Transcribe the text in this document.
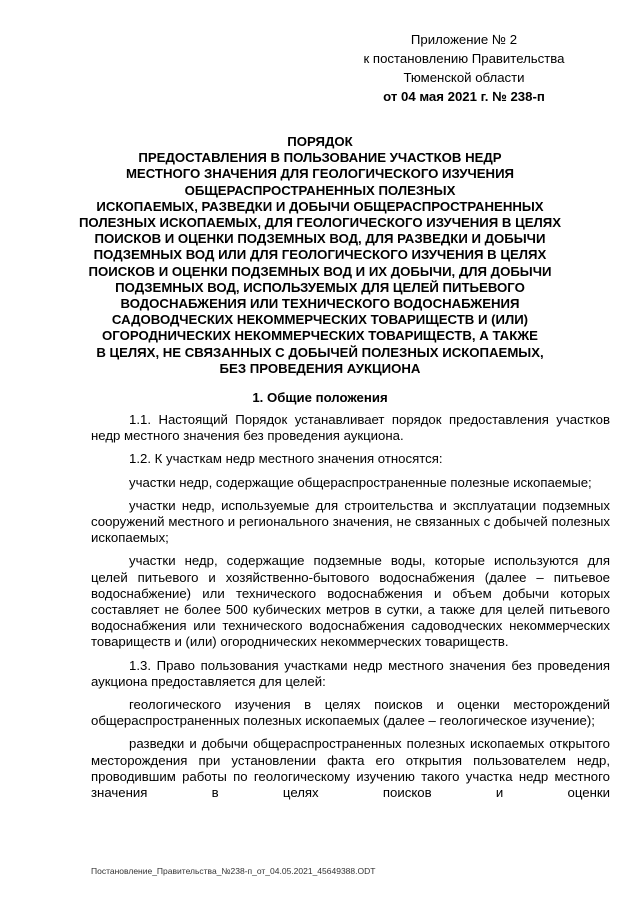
Приложение № 2
к постановлению Правительства
Тюменской области
от 04 мая 2021 г. № 238-п
ПОРЯДОК
ПРЕДОСТАВЛЕНИЯ В ПОЛЬЗОВАНИЕ УЧАСТКОВ НЕДР
МЕСТНОГО ЗНАЧЕНИЯ ДЛЯ ГЕОЛОГИЧЕСКОГО ИЗУЧЕНИЯ
ОБЩЕРАСПРОСТРАНЕННЫХ ПОЛЕЗНЫХ
ИСКОПАЕМЫХ, РАЗВЕДКИ И ДОБЫЧИ ОБЩЕРАСПРОСТРАНЕННЫХ
ПОЛЕЗНЫХ ИСКОПАЕМЫХ, ДЛЯ ГЕОЛОГИЧЕСКОГО ИЗУЧЕНИЯ В ЦЕЛЯХ
ПОИСКОВ И ОЦЕНКИ ПОДЗЕМНЫХ ВОД, ДЛЯ РАЗВЕДКИ И ДОБЫЧИ
ПОДЗЕМНЫХ ВОД ИЛИ ДЛЯ ГЕОЛОГИЧЕСКОГО ИЗУЧЕНИЯ В ЦЕЛЯХ
ПОИСКОВ И ОЦЕНКИ ПОДЗЕМНЫХ ВОД И ИХ ДОБЫЧИ, ДЛЯ ДОБЫЧИ
ПОДЗЕМНЫХ ВОД, ИСПОЛЬЗУЕМЫХ ДЛЯ ЦЕЛЕЙ ПИТЬЕВОГО
ВОДОСНАБЖЕНИЯ ИЛИ ТЕХНИЧЕСКОГО ВОДОСНАБЖЕНИЯ
САДОВОДЧЕСКИХ НЕКОММЕРЧЕСКИХ ТОВАРИЩЕСТВ И (ИЛИ)
ОГОРОДНИЧЕСКИХ НЕКОММЕРЧЕСКИХ ТОВАРИЩЕСТВ, А ТАКЖЕ
В ЦЕЛЯХ, НЕ СВЯЗАННЫХ С ДОБЫЧЕЙ ПОЛЕЗНЫХ ИСКОПАЕМЫХ,
БЕЗ ПРОВЕДЕНИЯ АУКЦИОНА
1. Общие положения

1.1. Настоящий Порядок устанавливает порядок предоставления участков недр местного значения без проведения аукциона.

1.2. К участкам недр местного значения относятся:

участки недр, содержащие общераспространенные полезные ископаемые;

участки недр, используемые для строительства и эксплуатации подземных сооружений местного и регионального значения, не связанных с добычей полезных ископаемых;

участки недр, содержащие подземные воды, которые используются для целей питьевого и хозяйственно-бытового водоснабжения (далее – питьевое водоснабжение) или технического водоснабжения и объем добычи которых составляет не более 500 кубических метров в сутки, а также для целей питьевого водоснабжения или технического водоснабжения садоводческих некоммерческих товариществ и (или) огороднических некоммерческих товариществ.

1.3. Право пользования участками недр местного значения без проведения аукциона предоставляется для целей:

геологического изучения в целях поисков и оценки месторождений общераспространенных полезных ископаемых (далее – геологическое изучение);

разведки и добычи общераспространенных полезных ископаемых открытого месторождения при установлении факта его открытия пользователем недр, проводившим работы по геологическому изучению такого участка недр местного значения в целях поисков и оценки

Постановление_Правительства_№238-п_от_04.05.2021_45649388.ODT
